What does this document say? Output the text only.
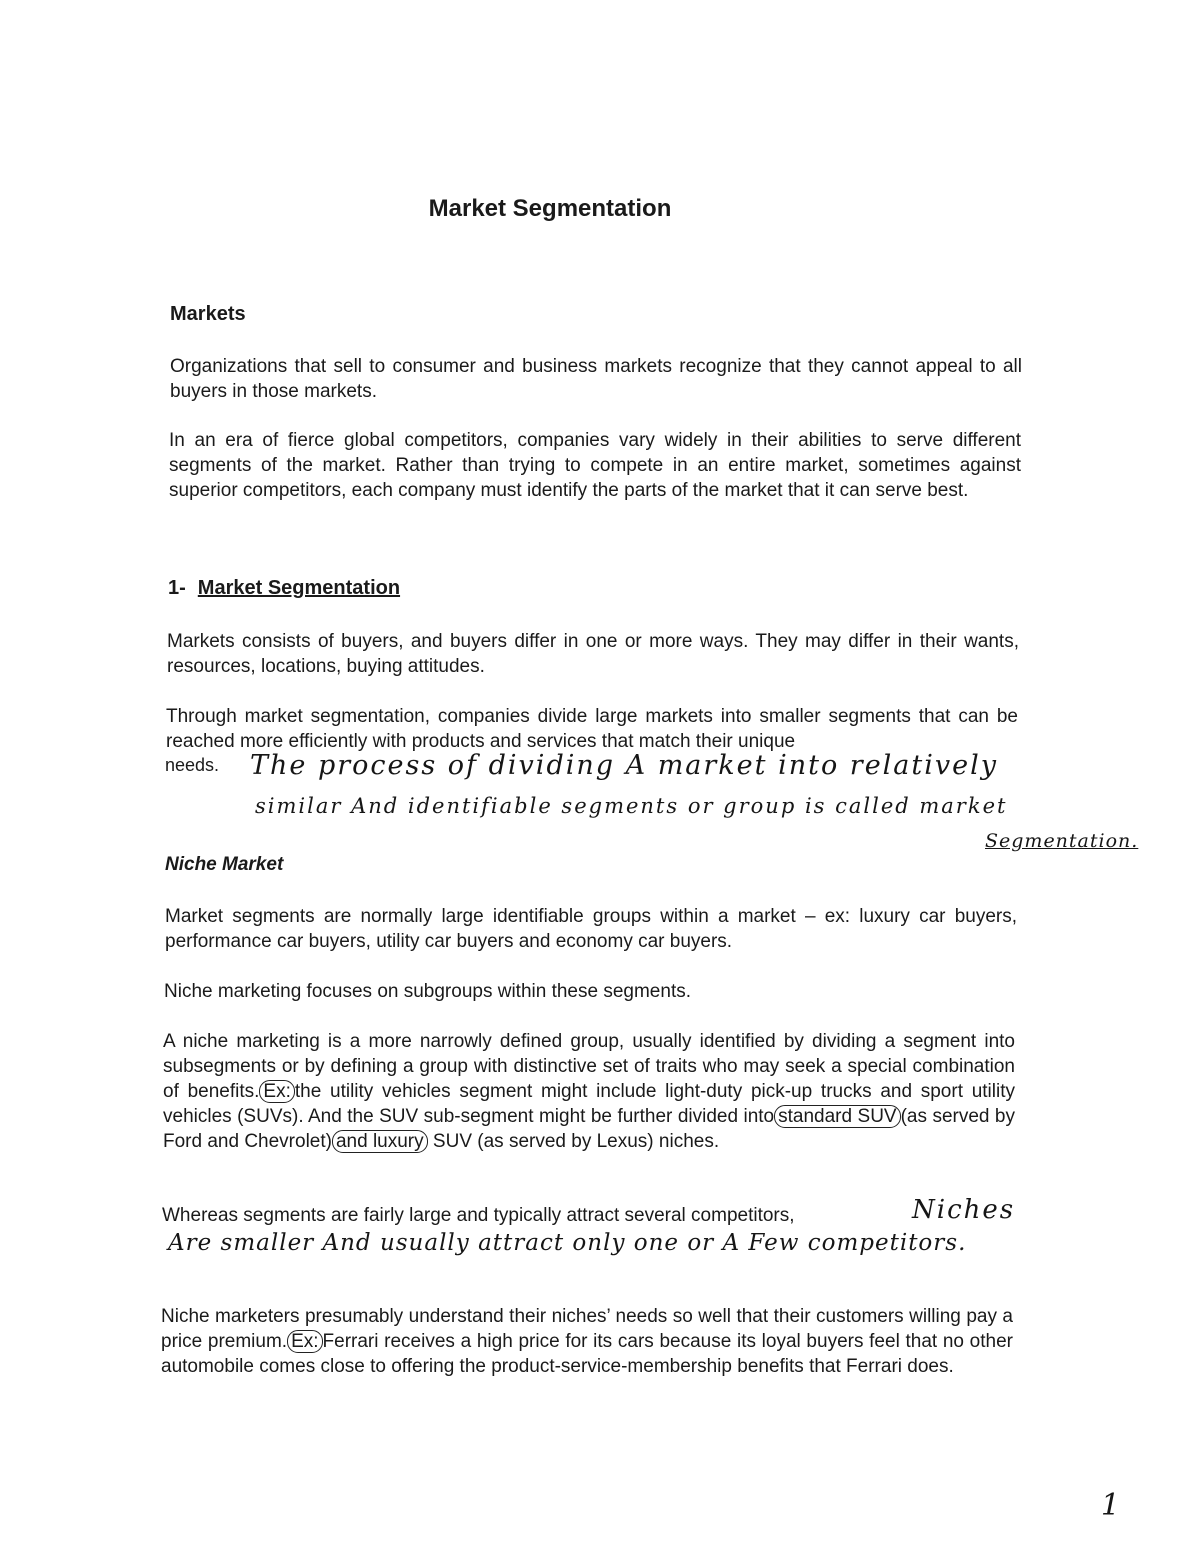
Market Segmentation
Markets

Organizations that sell to consumer and business markets recognize that they cannot appeal to all buyers in those markets.

In an era of fierce global competitors, companies vary widely in their abilities to serve different segments of the market. Rather than trying to compete in an entire market, sometimes against superior competitors, each company must identify the parts of the market that it can serve best.

1- Market Segmentation

Markets consists of buyers, and buyers differ in one or more ways. They may differ in their wants, resources, locations, buying attitudes.

Through market segmentation, companies divide large markets into smaller segments that can be reached more efficiently with products and services that match their unique

needs. The process of dividing A market into relatively
similar And identifiable segments or group is called market
Segmentation.
Niche Market

Market segments are normally large identifiable groups within a market – ex: luxury car buyers, performance car buyers, utility car buyers and economy car buyers.

Niche marketing focuses on subgroups within these segments.

A niche marketing is a more narrowly defined group, usually identified by dividing a segment into subsegments or by defining a group with distinctive set of traits who may seek a special combination of benefits. Ex: the utility vehicles segment might include light-duty pick-up trucks and sport utility vehicles (SUVs). And the SUV sub-segment might be further divided into standard SUV (as served by Ford and Chevrolet) and luxury SUV (as served by Lexus) niches.

Whereas segments are fairly large and typically attract several competitors,	Niches
Are smaller And usually attract only one or A Few competitors.

Niche marketers presumably understand their niches’ needs so well that their customers willing pay a price premium. Ex: Ferrari receives a high price for its cars because its loyal buyers feel that no other automobile comes close to offering the product-service-membership benefits that Ferrari does.

1
